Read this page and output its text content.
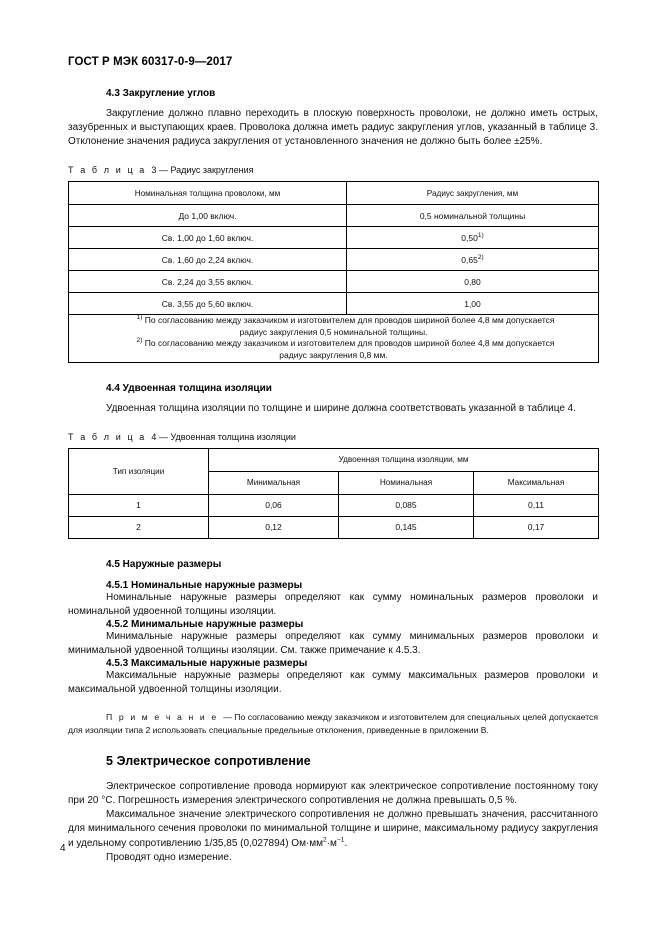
ГОСТ Р МЭК 60317-0-9—2017
4.3 Закругление углов

Закругление должно плавно переходить в плоскую поверхность проволоки, не должно иметь острых, зазубренных и выступающих краев. Проволока должна иметь радиус закругления углов, указанный в таблице 3. Отклонение значения радиуса закругления от установленного значения не должно быть более ±25%.

Т а б л и ц а 3 — Радиус закругления
Номинальная толщина проволоки, мм	Радиус закругления, мм
До 1,00 включ.	0,5 номинальной толщины
Св. 1,00 до 1,60 включ.	0,50$^{1)}$
Св. 1,60 до 2,24 включ.	0,65$^{2)}$
Св. 2,24 до 3,55 включ.	0,80
Св. 3,55 до 5,60 включ.	1,00

$^{1)}$ По согласованию между заказчиком и изготовителем для проводов шириной более 4,8 мм допускается
радиус закругления 0,5 номинальной толщины.
$^{2)}$ По согласованию между заказчиком и изготовителем для проводов шириной более 4,8 мм допускается
радиус закругления 0,8 мм.	
4.4 Удвоенная толщина изоляции

Удвоенная толщина изоляции по толщине и ширине должна соответствовать указанной в таблице 4.

Т а б л и ц а 4 — Удвоенная толщина изоляции
Тип изоляции	Удвоенная толщина изоляции, мм		
	Минимальная	Номинальная	Максимальная
1	0,06	0,085	0,11
2	0,12	0,145	0,17
4.5 Наружные размеры
4.5.1 Номинальные наружные размеры

Номинальные наружные размеры определяют как сумму номинальных размеров проволоки и номинальной удвоенной толщины изоляции.

4.5.2 Минимальные наружные размеры

Минимальные наружные размеры определяют как сумму минимальных размеров проволоки и минимальной удвоенной толщины изоляции. См. также примечание к 4.5.3.

4.5.3 Максимальные наружные размеры

Максимальные наружные размеры определяют как сумму максимальных размеров проволоки и максимальной удвоенной толщины изоляции.

П р и м е ч а н и е — По согласованию между заказчиком и изготовителем для специальных целей допускается для изоляции типа 2 использовать специальные предельные отклонения, приведенные в приложении В.

5 Электрическое сопротивление

Электрическое сопротивление провода нормируют как электрическое сопротивление постоянному току при 20 °С. Погрешность измерения электрического сопротивления не должна превышать 0,5 %.

Максимальное значение электрического сопротивления не должно превышать значения, рассчитанного для минимального сечения проволоки по минимальной толщине и ширине, максимальному радиусу закругления и удельному сопротивлению 1/35,85 (0,027894) $Ом\cdot мм^2\cdot м^{-1}$.

Проводят одно измерение.

4
